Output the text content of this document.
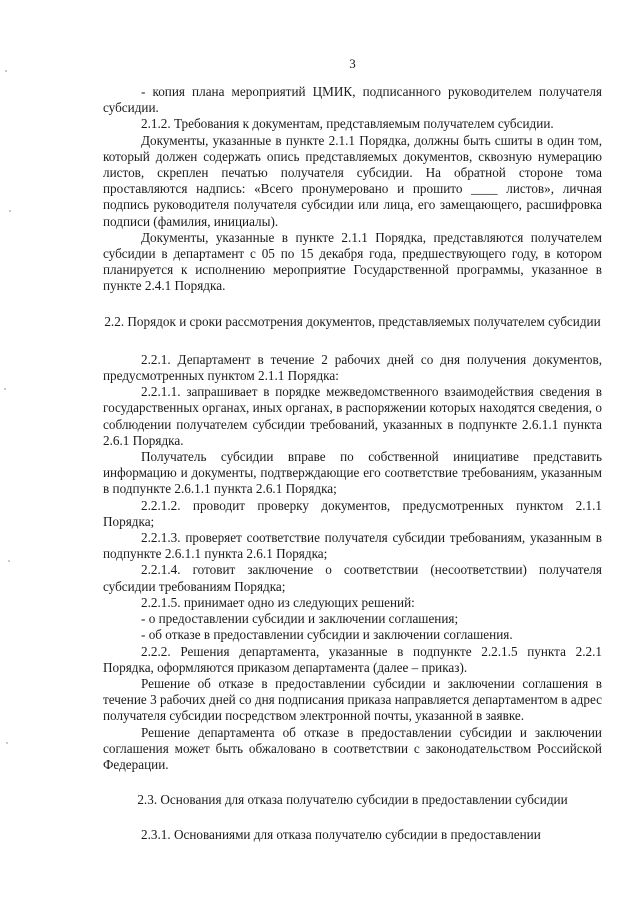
3

- копия плана мероприятий ЦМИК, подписанного руководителем получателя субсидии.

2.1.2. Требования к документам, представляемым получателем субсидии.

Документы, указанные в пункте 2.1.1 Порядка, должны быть сшиты в один том, который должен содержать опись представляемых документов, сквозную нумерацию листов, скреплен печатью получателя субсидии. На обратной стороне тома проставляются надпись: «Всего пронумеровано и прошито ____ листов», личная подпись руководителя получателя субсидии или лица, его замещающего, расшифровка подписи (фамилия, инициалы).

Документы, указанные в пункте 2.1.1 Порядка, представляются получателем субсидии в департамент с 05 по 15 декабря года, предшествующего году, в котором планируется к исполнению мероприятие Государственной программы, указанное в пункте 2.4.1 Порядка.

2.2. Порядок и сроки рассмотрения документов, представляемых получателем субсидии

2.2.1. Департамент в течение 2 рабочих дней со дня получения документов, предусмотренных пунктом 2.1.1 Порядка:

2.2.1.1. запрашивает в порядке межведомственного взаимодействия сведения в государственных органах, иных органах, в распоряжении которых находятся сведения, о соблюдении получателем субсидии требований, указанных в подпункте 2.6.1.1 пункта 2.6.1 Порядка.

Получатель субсидии вправе по собственной инициативе представить информацию и документы, подтверждающие его соответствие требованиям, указанным в подпункте 2.6.1.1 пункта 2.6.1 Порядка;

2.2.1.2. проводит проверку документов, предусмотренных пунктом 2.1.1 Порядка;

2.2.1.3. проверяет соответствие получателя субсидии требованиям, указанным в подпункте 2.6.1.1 пункта 2.6.1 Порядка;

2.2.1.4. готовит заключение о соответствии (несоответствии) получателя субсидии требованиям Порядка;

2.2.1.5. принимает одно из следующих решений:

- о предоставлении субсидии и заключении соглашения;

- об отказе в предоставлении субсидии и заключении соглашения.

2.2.2. Решения департамента, указанные в подпункте 2.2.1.5 пункта 2.2.1 Порядка, оформляются приказом департамента (далее – приказ).

Решение об отказе в предоставлении субсидии и заключении соглашения в течение 3 рабочих дней со дня подписания приказа направляется департаментом в адрес получателя субсидии посредством электронной почты, указанной в заявке.

Решение департамента об отказе в предоставлении субсидии и заключении соглашения может быть обжаловано в соответствии с законодательством Российской Федерации.

2.3. Основания для отказа получателю субсидии в предоставлении субсидии

2.3.1. Основаниями для отказа получателю субсидии в предоставлении
